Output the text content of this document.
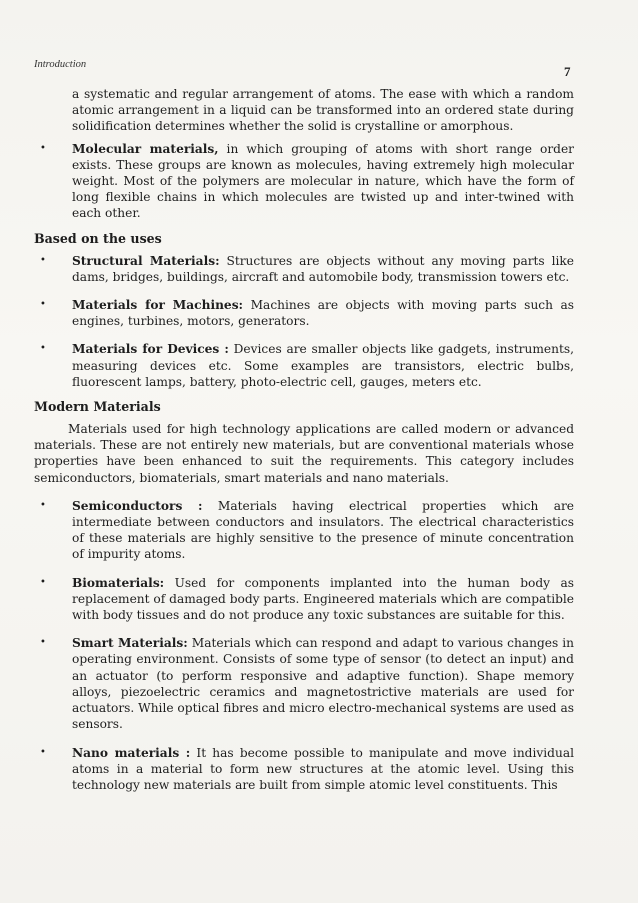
Introduction	7

a systematic and regular arrangement of atoms. The ease with which a random atomic arrangement in a liquid can be transformed into an ordered state during solidification determines whether the solid is crystalline or amorphous.

• Molecular materials, in which grouping of atoms with short range order exists. These groups are known as molecules, having extremely high molecular weight. Most of the polymers are molecular in nature, which have the form of long flexible chains in which molecules are twisted up and inter-twined with each other.

Based on the uses
• Structural Materials: Structures are objects without any moving parts like dams, bridges, buildings, aircraft and automobile body, transmission towers etc.

• Materials for Machines: Machines are objects with moving parts such as engines, turbines, motors, generators.

• Materials for Devices : Devices are smaller objects like gadgets, instruments, measuring devices etc. Some examples are transistors, electric bulbs, fluorescent lamps, battery, photo-electric cell, gauges, meters etc.

Modern Materials

Materials used for high technology applications are called modern or advanced materials. These are not entirely new materials, but are conventional materials whose properties have been enhanced to suit the requirements. This category includes semiconductors, biomaterials, smart materials and nano materials.

• Semiconductors : Materials having electrical properties which are intermediate between conductors and insulators. The electrical characteristics of these materials are highly sensitive to the presence of minute concentration of impurity atoms.

• Biomaterials: Used for components implanted into the human body as replacement of damaged body parts. Engineered materials which are compatible with body tissues and do not produce any toxic substances are suitable for this.

• Smart Materials: Materials which can respond and adapt to various changes in operating environment. Consists of some type of sensor (to detect an input) and an actuator (to perform responsive and adaptive function). Shape memory alloys, piezoelectric ceramics and magnetostrictive materials are used for actuators. While optical fibres and micro electro-mechanical systems are used as sensors.

• Nano materials : It has become possible to manipulate and move individual atoms in a material to form new structures at the atomic level. Using this technology new materials are built from simple atomic level constituents. This
